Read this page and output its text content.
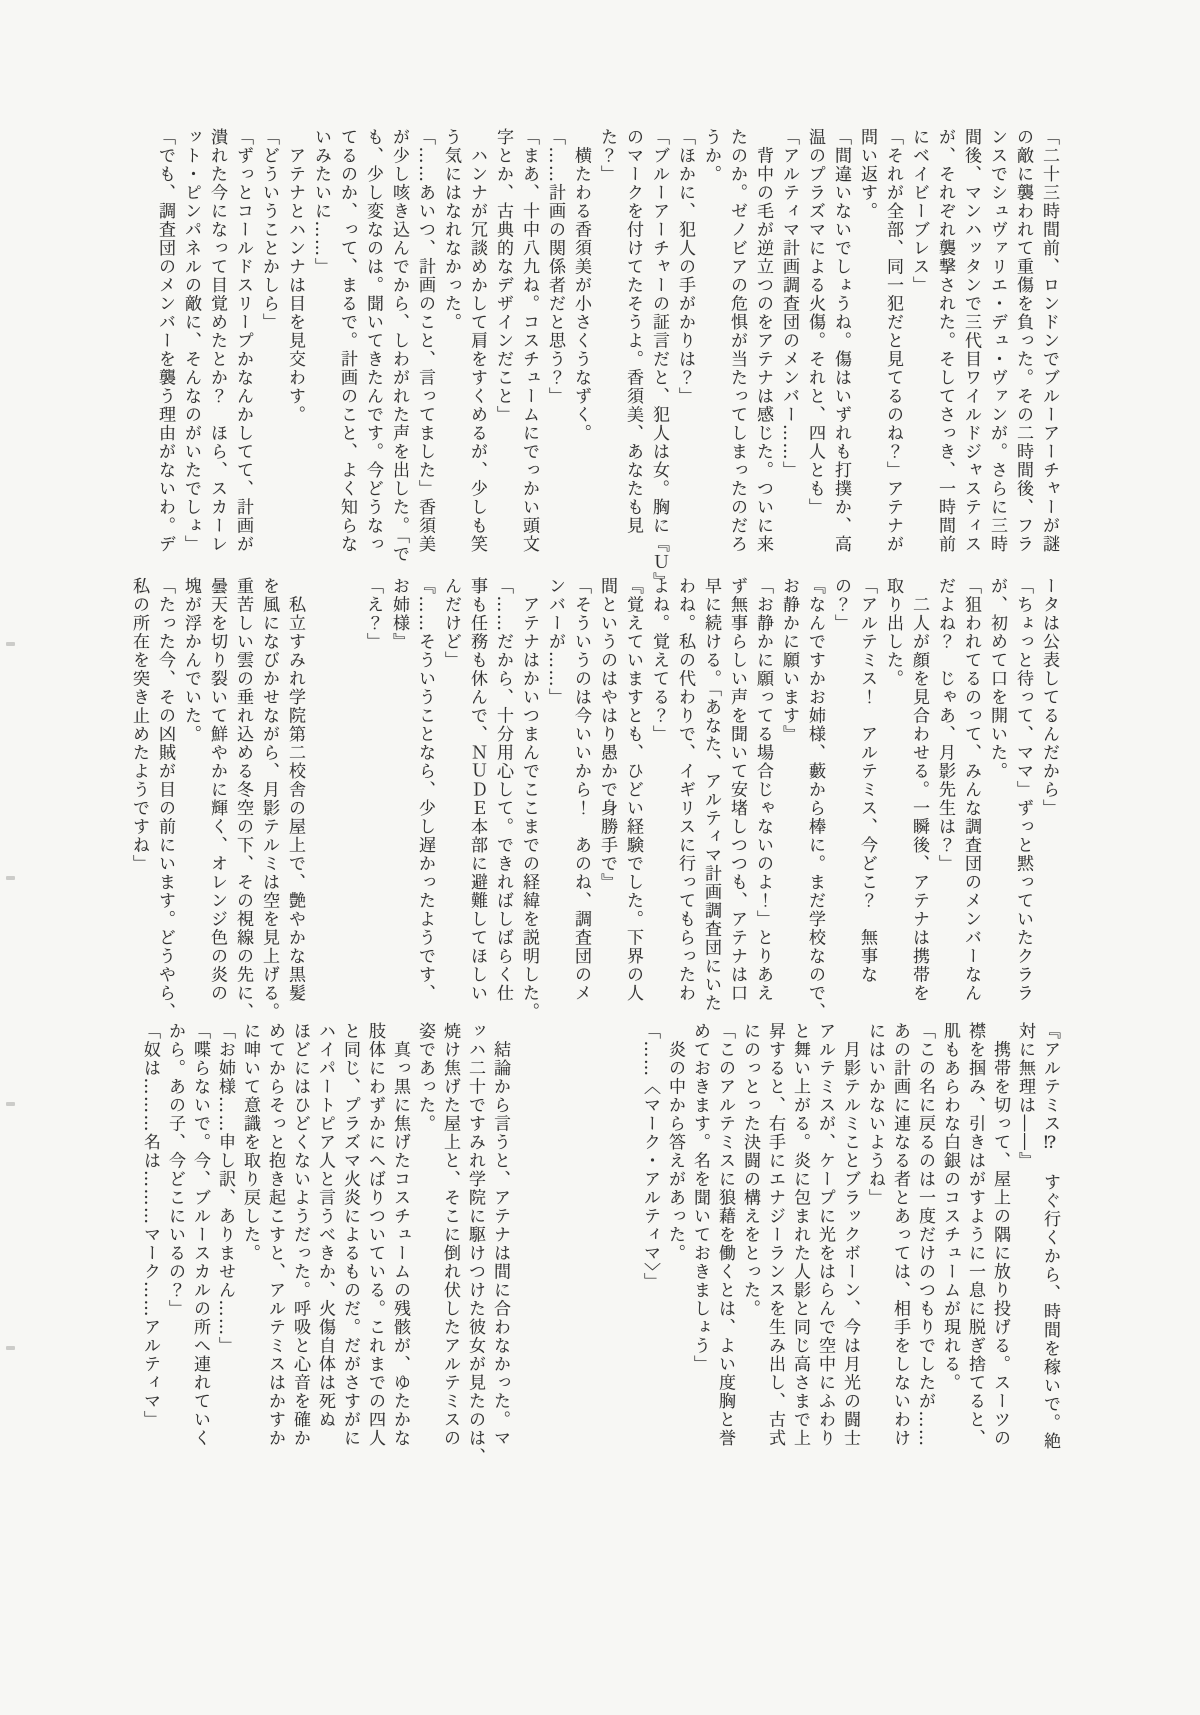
「二十三時間前、ロンドンでブルーアーチャーが謎
の敵に襲われて重傷を負った。その二時間後、フラ
ンスでシュヴァリエ・デュ・ヴァンが。さらに三時
間後、マンハッタンで三代目ワイルドジャスティス
が、それぞれ襲撃された。そしてさっき、一時間前
にベイビーブレス」
「それが全部、同一犯だと見てるのね？」アテナが
問い返す。
「間違いないでしょうね。傷はいずれも打撲か、高
温のプラズマによる火傷。それと、四人とも」
「アルティマ計画調査団のメンバー……」
　背中の毛が逆立つのをアテナは感じた。ついに来
たのか。ゼノビアの危惧が当たってしまったのだろ
うか。
「ほかに、犯人の手がかりは？」
「ブルーアーチャーの証言だと、犯人は女。胸に『Ｕ』
のマークを付けてたそうよ。香須美、あなたも見
た？」
　横たわる香須美が小さくうなずく。
「……計画の関係者だと思う？」
「まあ、十中八九ね。コスチュームにでっかい頭文
字とか、古典的なデザインだこと」
　ハンナが冗談めかして肩をすくめるが、少しも笑
う気にはなれなかった。
「……あいつ、計画のこと、言ってました」香須美
が少し咳き込んでから、しわがれた声を出した。「で
も、少し変なのは。聞いてきたんです。今どうなっ
てるのか、って、まるで。計画のこと、よく知らな
いみたいに……」
　アテナとハンナは目を見交わす。
「どういうことかしら」
「ずっとコールドスリープかなんかしてて、計画が
潰れた今になって目覚めたとか？　ほら、スカーレ
ット・ピンパネルの敵に、そんなのがいたでしょ」
「でも、調査団のメンバーを襲う理由がないわ。デ
ータは公表してるんだから」
「ちょっと待って、ママ」ずっと黙っていたクララ
が、初めて口を開いた。
「狙われてるのって、みんな調査団のメンバーなん
だよね？　じゃあ、月影先生は？」
　二人が顔を見合わせる。一瞬後、アテナは携帯を
取り出した。
「アルテミス！　アルテミス、今どこ？　無事な
の？」
『なんですかお姉様、藪から棒に。まだ学校なので、
お静かに願います』
「お静かに願ってる場合じゃないのよ！」とりあえ
ず無事らしい声を聞いて安堵しつつも、アテナは口
早に続ける。「あなた、アルティマ計画調査団にいた
わね。私の代わりで、イギリスに行ってもらったわ
よね。覚えてる？」
『覚えていますとも、ひどい経験でした。下界の人
間というのはやはり愚かで身勝手で』
「そういうのは今いいから！　あのね、調査団のメ
ンバーが……」
　アテナはかいつまんでここまでの経緯を説明した。
「……だから、十分用心して。できればしばらく仕
事も任務も休んで、ＮＵＤＥ本部に避難してほしい
んだけど」
『……そういうことなら、少し遅かったようです、
お姉様』
「え？」

　私立すみれ学院第二校舎の屋上で、艶やかな黒髪
を風になびかせながら、月影テルミは空を見上げる。
重苦しい雲の垂れ込める冬空の下、その視線の先に、
曇天を切り裂いて鮮やかに輝く、オレンジ色の炎の
塊が浮かんでいた。
「たった今、その凶賊が目の前にいます。どうやら、
私の所在を突き止めたようですね」
『アルテミス⁉　すぐ行くから、時間を稼いで。絶
対に無理は――』
　携帯を切って、屋上の隅に放り投げる。スーツの
襟を掴み、引きはがすように一息に脱ぎ捨てると、
肌もあらわな白銀のコスチュームが現れる。
「この名に戻るのは一度だけのつもりでしたが……
あの計画に連なる者とあっては、相手をしないわけ
にはいかないようね」
　月影テルミことブラックボーン、今は月光の闘士
アルテミスが、ケープに光をはらんで空中にふわり
と舞い上がる。炎に包まれた人影と同じ高さまで上
昇すると、右手にエナジーランスを生み出し、古式
にのっとった決闘の構えをとった。
「このアルテミスに狼藉を働くとは、よい度胸と誉
めておきます。名を聞いておきましょう」
　炎の中から答えがあった。
「……〈マーク・アルティマ〉」

　結論から言うと、アテナは間に合わなかった。マ
ッハ二十ですみれ学院に駆けつけた彼女が見たのは、
焼け焦げた屋上と、そこに倒れ伏したアルテミスの
姿であった。
　真っ黒に焦げたコスチュームの残骸が、ゆたかな
肢体にわずかにへばりついている。これまでの四人
と同じ、プラズマ火炎によるものだ。だがさすがに
ハイパートピア人と言うべきか、火傷自体は死ぬ
ほどにはひどくないようだった。呼吸と心音を確か
めてからそっと抱き起こすと、アルテミスはかすか
に呻いて意識を取り戻した。
「お姉様……申し訳、ありません……」
「喋らないで。今、ブルースカルの所へ連れていく
から。あの子、今どこにいるの？」
「奴は………名は………マーク……アルティマ」
